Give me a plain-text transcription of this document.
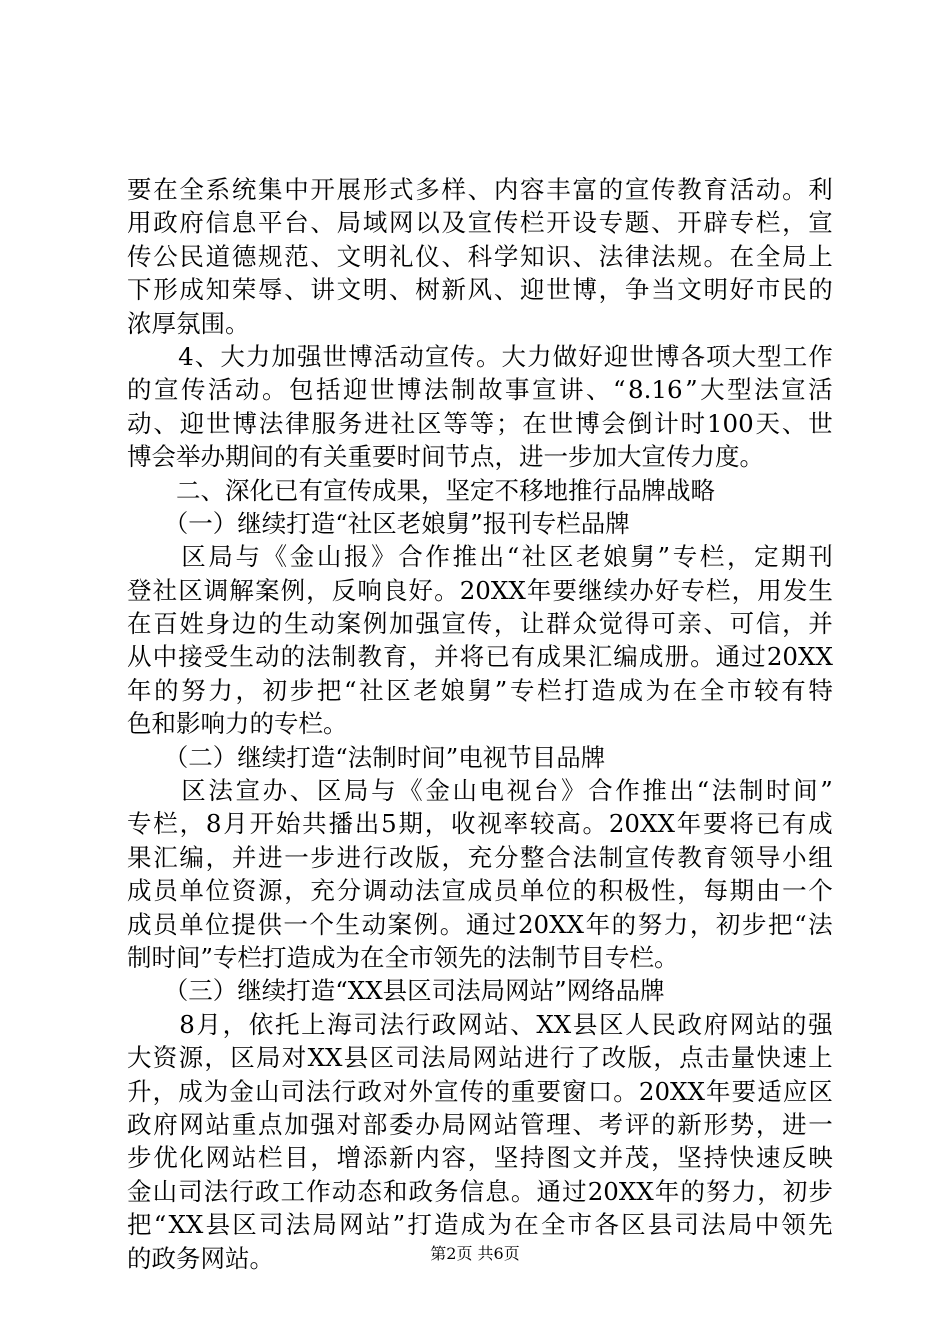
要 在 全 系 统 集 中 开 展 形 式 多 样 、 内 容 丰 富 的 宣 传 教 育 活 动 。 利
用 政 府 信 息 平 台 、 局 域 网 以 及 宣 传 栏 开 设 专 题 、 开 辟 专 栏 ， 宣
传 公 民 道 德 规 范 、 文 明 礼 仪 、 科 学 知 识 、 法 律 法 规 。 在 全 局 上
下 形 成 知 荣 辱 、 讲 文 明 、 树 新 风 、 迎 世 博 ， 争 当 文 明 好 市 民 的
浓厚氛围。

4 、 大 力 加 强 世 博 活 动 宣 传 。 大 力 做 好 迎 世 博 各 项 大 型 工 作
的 宣 传 活 动 。 包 括 迎 世 博 法 制 故 事 宣 讲 、 “ 8.16 ” 大 型 法 宣 活
动 、 迎 世 博 法 律 服 务 进 社 区 等 等 ； 在 世 博 会 倒 计 时 100 天 、 世
博会举办期间的有关重要时间节点，进一步加大宣传力度。
　　二、深化已有宣传成果，坚定不移地推行品牌战略
　　（一）继续打造“社区老娘舅”报刊专栏品牌

区 局 与 《 金 山 报 》 合 作 推 出 “ 社 区 老 娘 舅 ” 专 栏 ， 定 期 刊
登 社 区 调 解 案 例 ， 反 响 良 好 。 20XX 年 要 继 续 办 好 专 栏 ， 用 发 生
在 百 姓 身 边 的 生 动 案 例 加 强 宣 传 ， 让 群 众 觉 得 可 亲 、 可 信 ， 并
从 中 接 受 生 动 的 法 制 教 育 ， 并 将 已 有 成 果 汇 编 成 册 。 通 过 20XX
年 的 努 力 ， 初 步 把 “ 社 区 老 娘 舅 ” 专 栏 打 造 成 为 在 全 市 较 有 特
色和影响力的专栏。
　　（二）继续打造“法制时间”电视节目品牌

区 法 宣 办 、 区 局 与 《 金 山 电 视 台 》 合 作 推 出 “ 法 制 时 间 ”
专 栏 ， 8 月 开 始 共 播 出 5 期 ， 收 视 率 较 高 。 20XX 年 要 将 已 有 成
果 汇 编 ， 并 进 一 步 进 行 改 版 ， 充 分 整 合 法 制 宣 传 教 育 领 导 小 组
成 员 单 位 资 源 ， 充 分 调 动 法 宣 成 员 单 位 的 积 极 性 ， 每 期 由 一 个
成 员 单 位 提 供 一 个 生 动 案 例 。 通 过 20XX 年 的 努 力 ， 初 步 把 “ 法
制时间”专栏打造成为在全市领先的法制节目专栏。
　　（三）继续打造“XX县区司法局网站”网络品牌

8 月 ， 依 托 上 海 司 法 行 政 网 站 、 XX 县 区 人 民 政 府 网 站 的 强
大 资 源 ， 区 局 对 XX 县 区 司 法 局 网 站 进 行 了 改 版 ， 点 击 量 快 速 上
升 ， 成 为 金 山 司 法 行 政 对 外 宣 传 的 重 要 窗 口 。 20XX 年 要 适 应 区
政 府 网 站 重 点 加 强 对 部 委 办 局 网 站 管 理 、 考 评 的 新 形 势 ， 进 一
步 优 化 网 站 栏 目 ， 增 添 新 内 容 ， 坚 持 图 文 并 茂 ， 坚 持 快 速 反 映
金 山 司 法 行 政 工 作 动 态 和 政 务 信 息 。 通 过 20XX 年 的 努 力 ， 初 步
把 “ XX 县 区 司 法 局 网 站 ” 打 造 成 为 在 全 市 各 区 县 司 法 局 中 领 先
的政务网站。	第2页 共6页
